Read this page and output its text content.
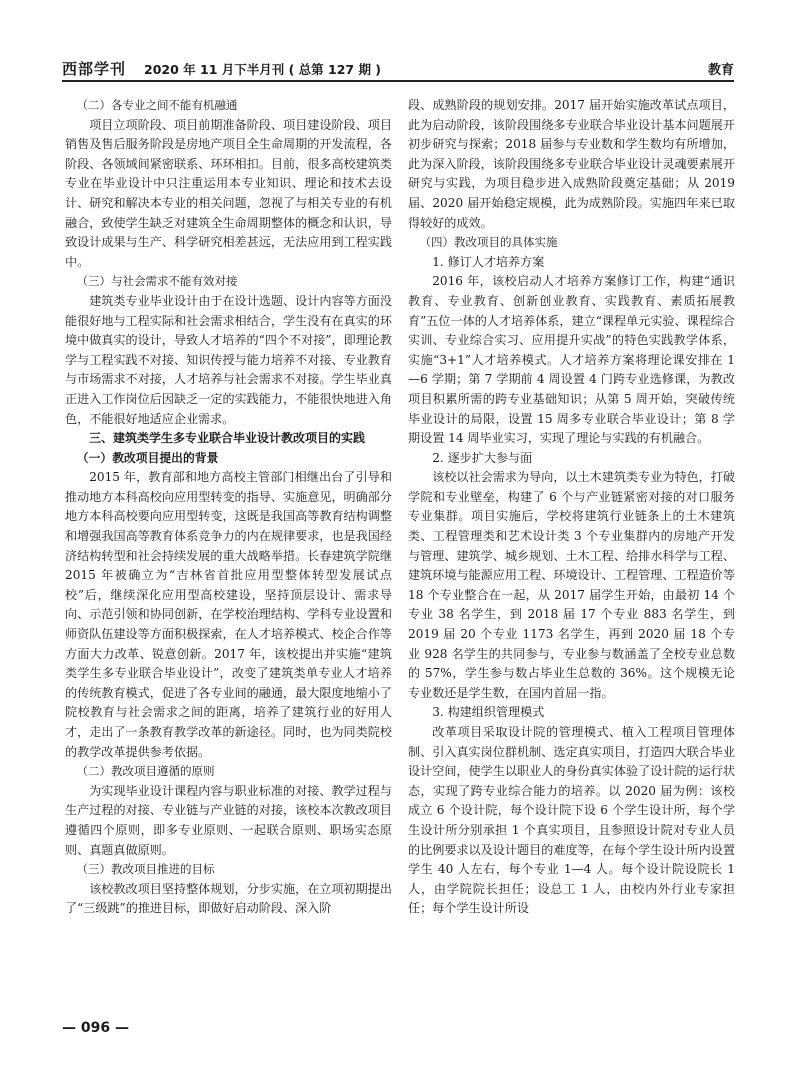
西部学刊 2020 年 11 月下半月刊 ( 总第 127 期 )	教育

（二）各专业之间不能有机融通

项目立项阶段、项目前期准备阶段、项目建设阶段、项目销售及售后服务阶段是房地产项目全生命周期的开发流程，各阶段、各领域间紧密联系、环环相扣。目前，很多高校建筑类专业在毕业设计中只注重运用本专业知识、理论和技术去设计、研究和解决本专业的相关问题，忽视了与相关专业的有机融合，致使学生缺乏对建筑全生命周期整体的概念和认识，导致设计成果与生产、科学研究相差甚远，无法应用到工程实践中。

（三）与社会需求不能有效对接

建筑类专业毕业设计由于在设计选题、设计内容等方面没能很好地与工程实际和社会需求相结合，学生没有在真实的环境中做真实的设计，导致人才培养的“四个不对接”，即理论教学与工程实践不对接、知识传授与能力培养不对接、专业教育与市场需求不对接，人才培养与社会需求不对接。学生毕业真正进入工作岗位后因缺乏一定的实践能力，不能很快地进入角色，不能很好地适应企业需求。

三、建筑类学生多专业联合毕业设计教改项目的实践

（一）教改项目提出的背景

2015 年，教育部和地方高校主管部门相继出台了引导和推动地方本科高校向应用型转变的指导、实施意见，明确部分地方本科高校要向应用型转变，这既是我国高等教育结构调整和增强我国高等教育体系竞争力的内在规律要求，也是我国经济结构转型和社会持续发展的重大战略举措。长春建筑学院继 2015 年被确立为“吉林省首批应用型整体转型发展试点校”后，继续深化应用型高校建设，坚持顶层设计、需求导向、示范引领和协同创新，在学校治理结构、学科专业设置和师资队伍建设等方面积极探索，在人才培养模式、校企合作等方面大力改革、锐意创新。2017 年，该校提出并实施“建筑类学生多专业联合毕业设计”，改变了建筑类单专业人才培养的传统教育模式，促进了各专业间的融通，最大限度地缩小了院校教育与社会需求之间的距离，培养了建筑行业的好用人才，走出了一条教育教学改革的新途径。同时，也为同类院校的教学改革提供参考依据。

（二）教改项目遵循的原则

为实现毕业设计课程内容与职业标准的对接、教学过程与生产过程的对接、专业链与产业链的对接，该校本次教改项目遵循四个原则，即多专业原则、一起联合原则、职场实态原则、真题真做原则。

（三）教改项目推进的目标

该校教改项目坚持整体规划，分步实施，在立项初期提出了“三级跳”的推进目标，即做好启动阶段、深入阶

段、成熟阶段的规划安排。2017 届开始实施改革试点项目，此为启动阶段，该阶段围绕多专业联合毕业设计基本问题展开初步研究与探索；2018 届参与专业数和学生数均有所增加，此为深入阶段，该阶段围绕多专业联合毕业设计灵魂要素展开研究与实践，为项目稳步进入成熟阶段奠定基础；从 2019 届、2020 届开始稳定规模，此为成熟阶段。实施四年来已取得较好的成效。

（四）教改项目的具体实施

1. 修订人才培养方案

2016 年，该校启动人才培养方案修订工作，构建“通识教育、专业教育、创新创业教育、实践教育、素质拓展教育”五位一体的人才培养体系，建立“课程单元实验、课程综合实训、专业综合实习、应用提升实战”的特色实践教学体系，实施“3+1”人才培养模式。人才培养方案将理论课安排在 1—6 学期；第 7 学期前 4 周设置 4 门跨专业选修课，为教改项目积累所需的跨专业基础知识；从第 5 周开始，突破传统毕业设计的局限，设置 15 周多专业联合毕业设计；第 8 学期设置 14 周毕业实习，实现了理论与实践的有机融合。

2. 逐步扩大参与面

该校以社会需求为导向，以土木建筑类专业为特色，打破学院和专业壁垒，构建了 6 个与产业链紧密对接的对口服务专业集群。项目实施后，学校将建筑行业链条上的土木建筑类、工程管理类和艺术设计类 3 个专业集群内的房地产开发与管理、建筑学、城乡规划、土木工程、给排水科学与工程、建筑环境与能源应用工程、环境设计、工程管理、工程造价等 18 个专业整合在一起，从 2017 届学生开始，由最初 14 个专业 38 名学生，到 2018 届 17 个专业 883 名学生，到 2019 届 20 个专业 1173 名学生，再到 2020 届 18 个专业 928 名学生的共同参与，专业参与数涵盖了全校专业总数的 57%，学生参与数占毕业生总数的 36%。这个规模无论专业数还是学生数，在国内首屈一指。

3. 构建组织管理模式

改革项目采取设计院的管理模式、植入工程项目管理体制、引入真实岗位群机制、选定真实项目，打造四大联合毕业设计空间，使学生以职业人的身份真实体验了设计院的运行状态，实现了跨专业综合能力的培养。以 2020 届为例：该校成立 6 个设计院，每个设计院下设 6 个学生设计所，每个学生设计所分别承担 1 个真实项目，且参照设计院对专业人员的比例要求以及设计题目的难度等，在每个学生设计所内设置学生 40 人左右，每个专业 1—4 人。每个设计院设院长 1 人，由学院院长担任；设总工 1 人，由校内外行业专家担任；每个学生设计所设

— 096 —
